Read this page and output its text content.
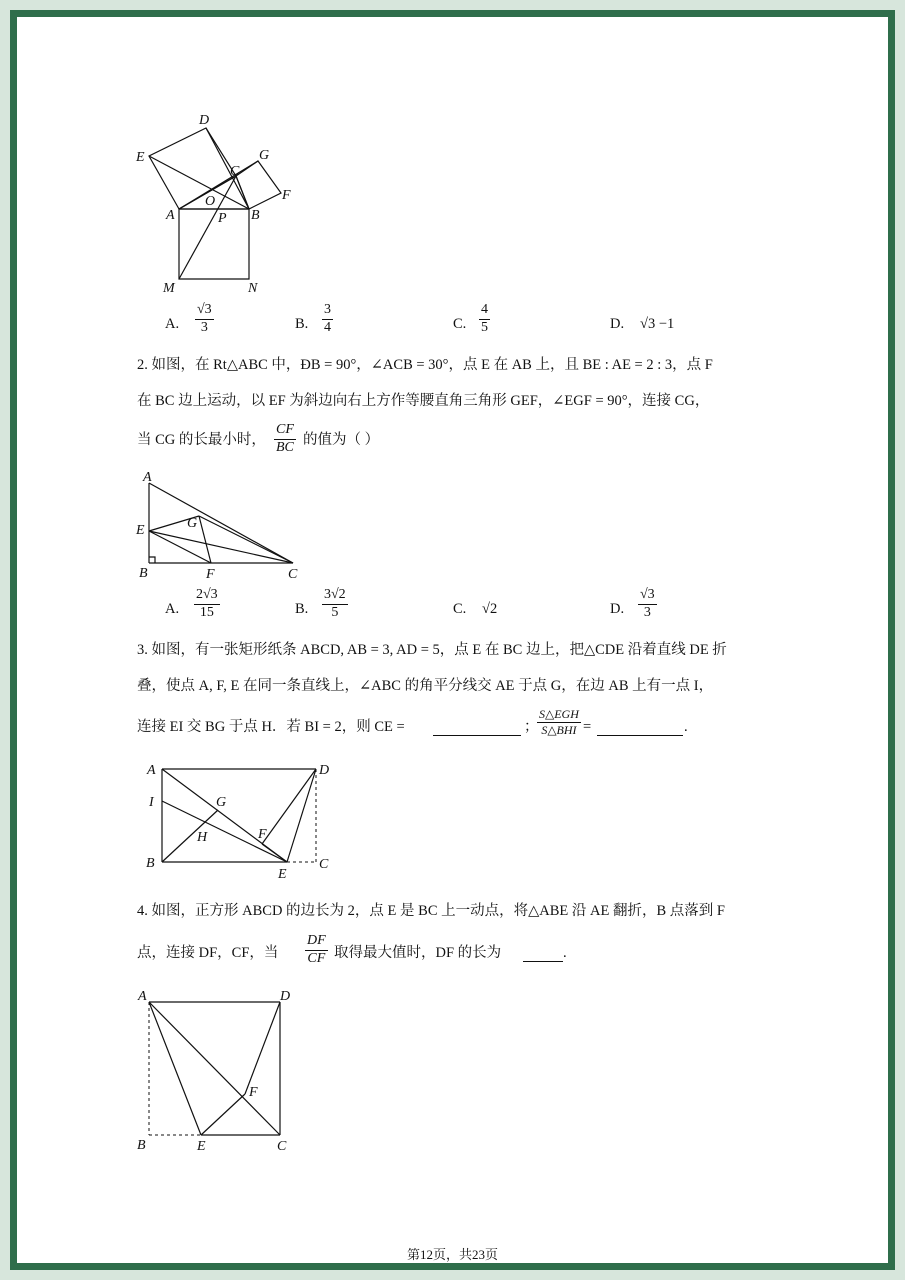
D
E	G
C
F
O
A	P B
M	N
A. $\frac{√3}{3}$	B. $\frac{3}{4}$	C. $\frac{4}{5}$	D. √3 −1
2. 如图，在 Rt△ABC 中，ÐB = 90°，∠ACB = 30°，点 E 在 AB 上，且 BE : AE = 2 : 3，点 F
在 BC 边上运动，以 EF 为斜边向右上方作等腰直角三角形 GEF，∠EGF = 90°，连接 CG，
当 CG 的长最小时， $\frac{CF}{BC}$ 的值为（ ）
A
G
E
B	F	C
A. $\frac{2√3}{15}$	B. $\frac{3√2}{5}$	C. √2	D. $\frac{√3}{3}$
3. 如图，有一张矩形纸条 ABCD, AB = 3, AD = 5，点 E 在 BC 边上，把△CDE 沿着直线 DE 折
叠，使点 A, F, E 在同一条直线上，∠ABC 的角平分线交 AE 于点 G，在边 AB 上有一点 I，
连接 EI 交 BG 于点 H．若 BI = 2，则 CE =	；
S△EGH
S△BHI =	.
A	D
I	G
F
H
B
E
C
4. 如图，正方形 ABCD 的边长为 2，点 E 是 BC 上一动点，将△ABE 沿 AE 翻折，B 点落到 F
点，连接 DF，CF，当 $\frac{DF}{CF}$ 取得最大值时，DF 的长为	.
A	D
F
B	E	C
第12页，共23页
